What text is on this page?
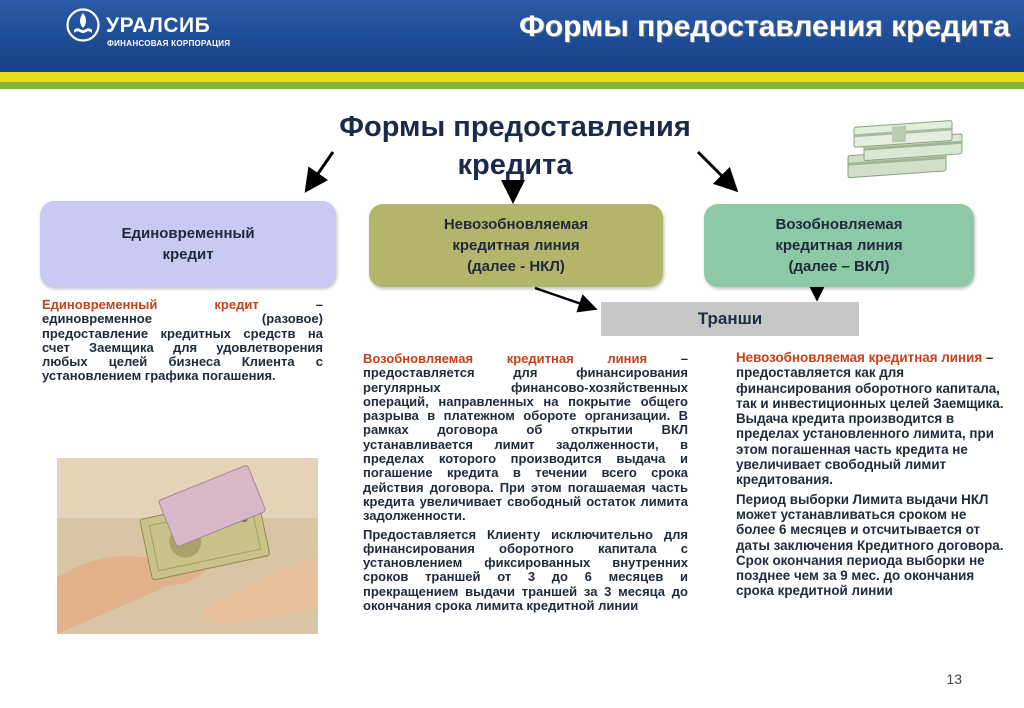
УРАЛСИБ
ФИНАНСОВАЯ КОРПОРАЦИЯ
Формы предоставления кредита
Формы предоставления
кредита
Единовременный
кредит
Невозобновляемая
кредитная линия
(далее - НКЛ)
Возобновляемая
кредитная линия
(далее – ВКЛ)
Транши

Единовременный кредит – единовременное (разовое) предоставление кредитных средств на счет Заемщика для удовлетворения любых целей бизнеса Клиента с установлением графика погашения.

Возобновляемая кредитная линия – предоставляется для финансирования регулярных финансово-хозяйственных операций, направленных на покрытие общего разрыва в платежном обороте организации. В рамках договора об открытии ВКЛ устанавливается лимит задолженности, в пределах которого производится выдача и погашение кредита в течении всего срока действия договора. При этом погашаемая часть кредита увеличивает свободный остаток лимита задолженности.

Предоставляется Клиенту исключительно для финансирования оборотного капитала с установлением фиксированных внутренних сроков траншей от 3 до 6 месяцев и прекращением выдачи траншей за 3 месяца до окончания срока лимита кредитной линии

Невозобновляемая кредитная линия – предоставляется как для финансирования оборотного капитала, так и инвестиционных целей Заемщика. Выдача кредита производится в пределах установленного лимита, при этом погашенная часть кредита не увеличивает свободный лимит кредитования.

Период выборки Лимита выдачи НКЛ может устанавливаться сроком не более 6 месяцев и отсчитывается от даты заключения Кредитного договора. Срок окончания периода выборки не позднее чем за 9 мес. до окончания срока кредитной линии

13
